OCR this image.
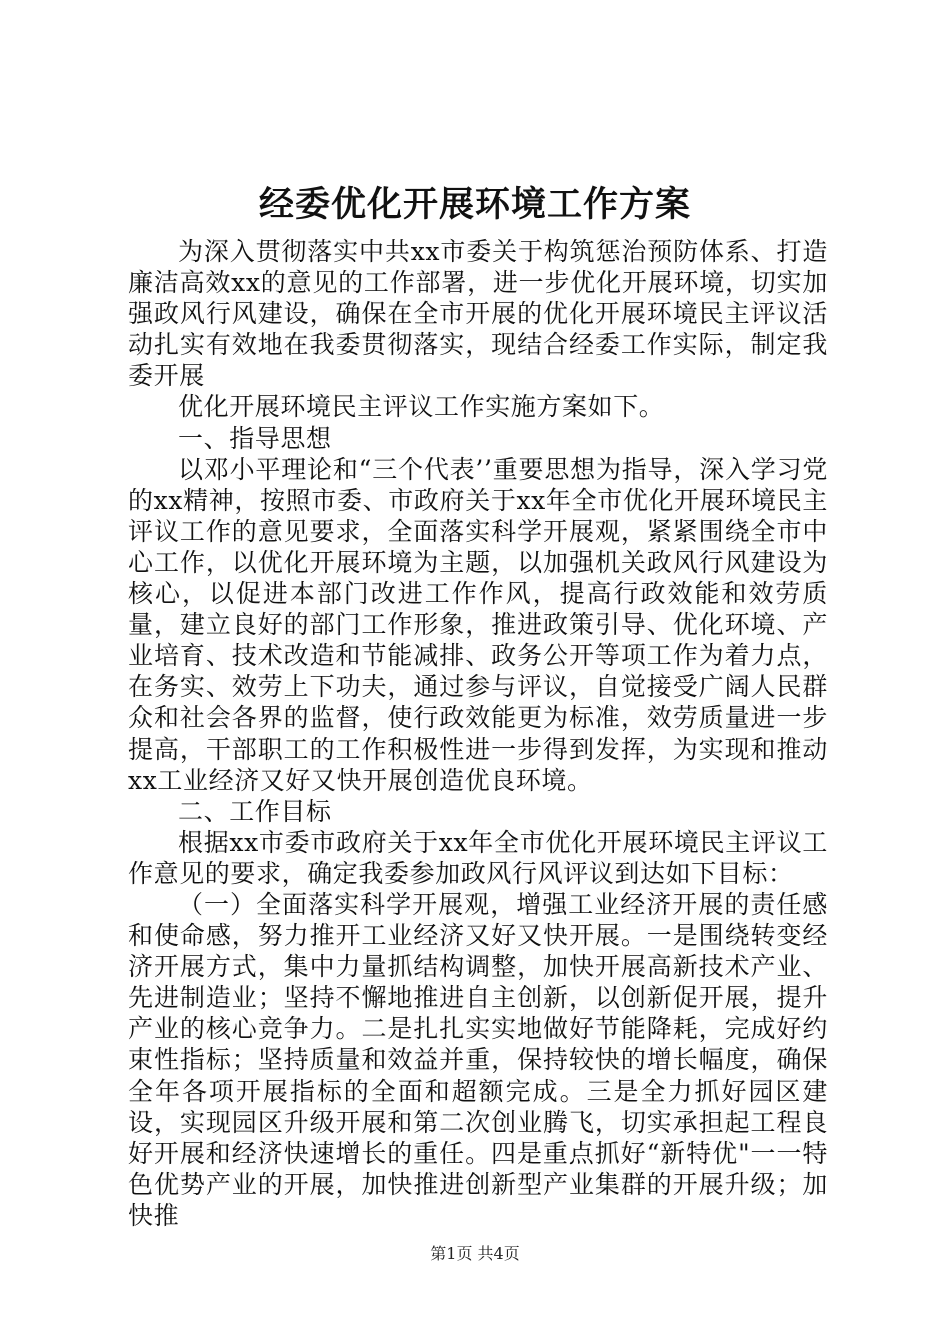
经委优化开展环境工作方案

为深入贯彻落实中共xx市委关于构筑惩治预防体系、打造廉洁高效xx的意见的工作部署，进一步优化开展环境，切实加强政风行风建设，确保在全市开展的优化开展环境民主评议活动扎实有效地在我委贯彻落实，现结合经委工作实际，制定我委开展

优化开展环境民主评议工作实施方案如下。

一、指导思想

以邓小平理论和“三个代表’’重要思想为指导，深入学习党的xx精神，按照市委、市政府关于xx年全市优化开展环境民主评议工作的意见要求，全面落实科学开展观，紧紧围绕全市中心工作，以优化开展环境为主题，以加强机关政风行风建设为核心，以促进本部门改进工作作风，提高行政效能和效劳质量，建立良好的部门工作形象，推进政策引导、优化环境、产业培育、技术改造和节能减排、政务公开等项工作为着力点，在务实、效劳上下功夫，通过参与评议，自觉接受广阔人民群众和社会各界的监督，使行政效能更为标准，效劳质量进一步提高，干部职工的工作积极性进一步得到发挥，为实现和推动xx工业经济又好又快开展创造优良环境。

二、工作目标

根据xx市委市政府关于xx年全市优化开展环境民主评议工作意见的要求，确定我委参加政风行风评议到达如下目标：

（一）全面落实科学开展观，增强工业经济开展的责任感和使命感，努力推开工业经济又好又快开展。一是围绕转变经济开展方式，集中力量抓结构调整，加快开展高新技术产业、先进制造业；坚持不懈地推进自主创新，以创新促开展，提升产业的核心竞争力。二是扎扎实实地做好节能降耗，完成好约束性指标；坚持质量和效益并重，保持较快的增长幅度，确保全年各项开展指标的全面和超额完成。三是全力抓好园区建设，实现园区升级开展和第二次创业腾飞，切实承担起工程良好开展和经济快速增长的重任。四是重点抓好“新特优"一一特色优势产业的开展，加快推进创新型产业集群的开展升级；加快推

第1页 共4页
